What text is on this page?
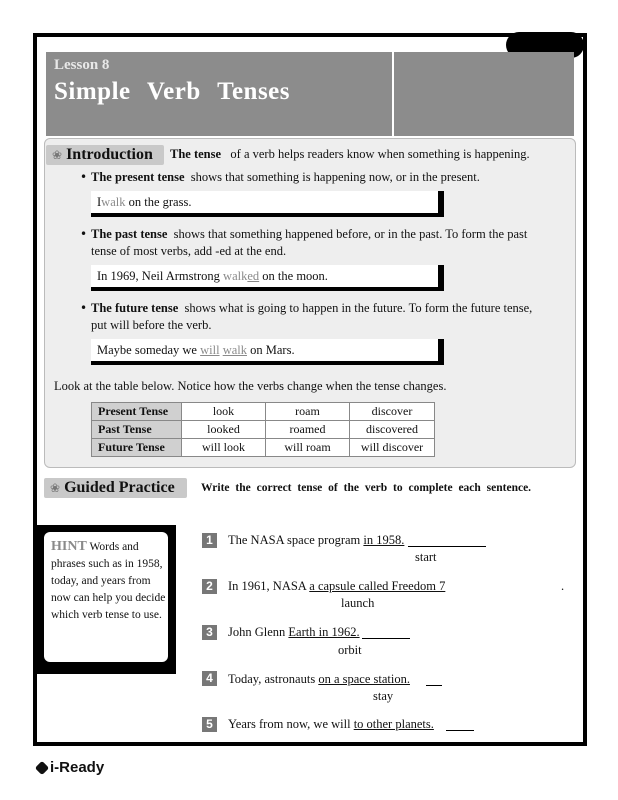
Lesson 8
Simple Verb Tenses
❀ Introduction The tense of a verb helps readers know when something is happening.
• The present tense shows that something is happening now, or in the present.
Iwalk on the grass.
• The past tense shows that something happened before, or in the past. To form the past tense of most verbs, add -ed at the end.
In 1969, Neil Armstrong walked on the moon.
• The future tense shows what is going to happen in the future. To form the future tense, put will before the verb.
Maybe someday we will walk on Mars.
Look at the table below. Notice how the verbs change when the tense changes.
Present Tense	look	roam	discover
Past Tense	looked	roamed	discovered
Future Tense	will look	will roam	will discover
❀ Guided Practice Write the correct tense of the verb to complete each sentence.
HINT Words and phrases such as in 1958, today, and years from now can help you decide which verb tense to use.
1	The NASA space program in 1958.
start
2	In 1961, NASA a capsule called Freedom 7	.
launch
3	John Glenn Earth in 1962.
orbit
4	Today, astronauts on a space station.
stay
5	Years from now, we will to other planets.
i-Ready
